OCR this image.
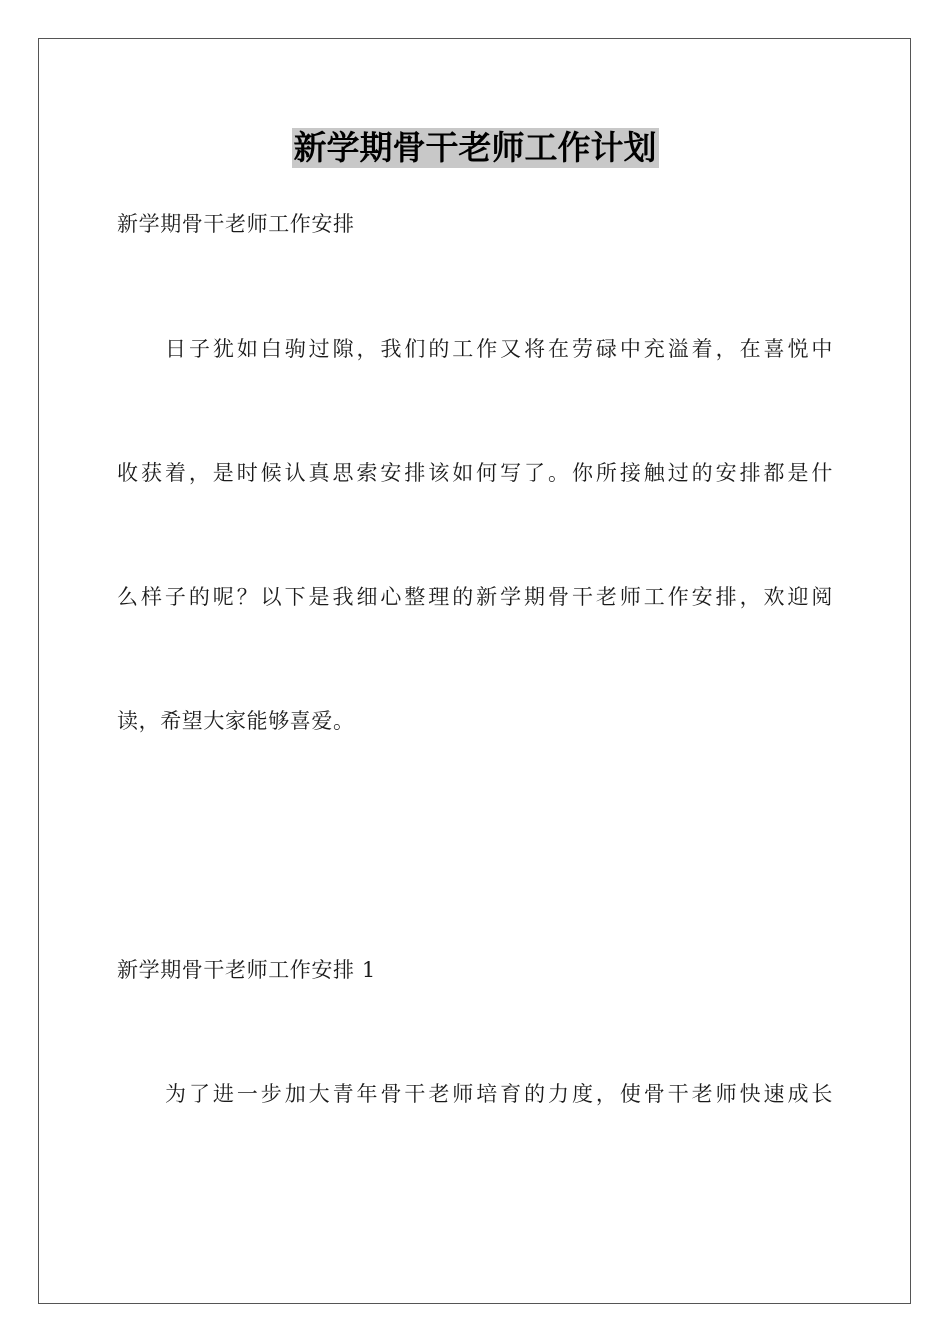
新学期骨干老师工作计划
新学期骨干老师工作安排
日子犹如白驹过隙，我们的工作又将在劳碌中充溢着，在喜悦中
收获着，是时候认真思索安排该如何写了。你所接触过的安排都是什
么样子的呢？以下是我细心整理的新学期骨干老师工作安排，欢迎阅
读，希望大家能够喜爱。
新学期骨干老师工作安排 1
为了进一步加大青年骨干老师培育的力度，使骨干老师快速成长
